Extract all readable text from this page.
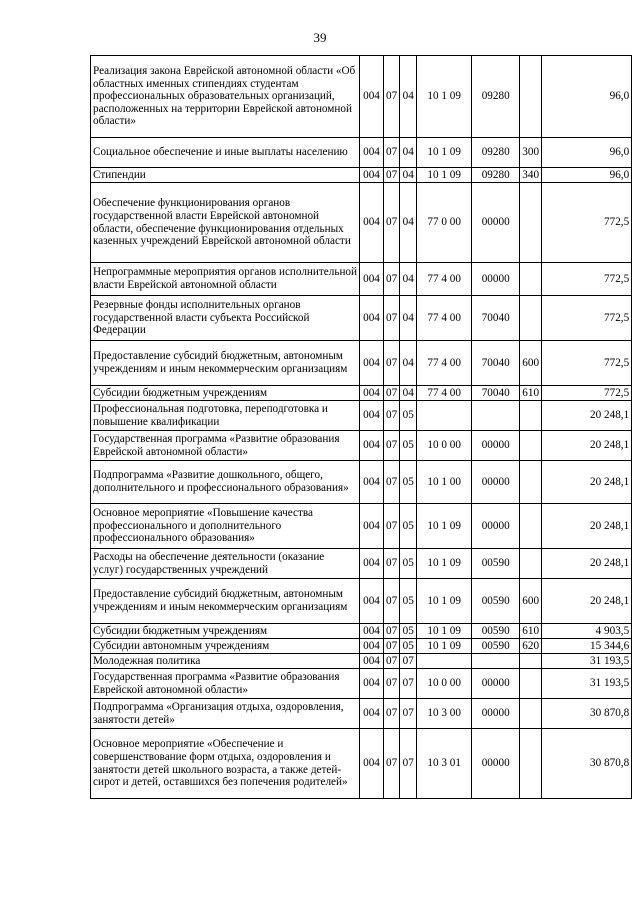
39
Реализация закона Еврейской автономной области «Об областных именных стипендиях студентам профессиональных образовательных организаций, расположенных на территории Еврейской автономной области»	004	07	04	10 1 09	09280		96,0
Социальное обеспечение и иные выплаты населению	004	07	04	10 1 09	09280	300	96,0
Стипендии	004	07	04	10 1 09	09280	340	96,0
Обеспечение функционирования органов государственной власти Еврейской автономной области, обеспечение функционирования отдельных казенных учреждений Еврейской автономной области	004	07	04	77 0 00	00000		772,5
Непрограммные мероприятия органов исполнительной власти Еврейской автономной области	004	07	04	77 4 00	00000		772,5
Резервные фонды исполнительных органов государственной власти субъекта Российской Федерации	004	07	04	77 4 00	70040		772,5
Предоставление субсидий бюджетным, автономным учреждениям и иным некоммерческим организациям	004	07	04	77 4 00	70040	600	772,5
Субсидии бюджетным учреждениям	004	07	04	77 4 00	70040	610	772,5
Профессиональная подготовка, переподготовка и повышение квалификации	004	07	05				20 248,1
Государственная программа «Развитие образования Еврейской автономной области»	004	07	05	10 0 00	00000		20 248,1
Подпрограмма «Развитие дошкольного, общего, дополнительного и профессионального образования»	004	07	05	10 1 00	00000		20 248,1
Основное мероприятие «Повышение качества профессионального и дополнительного профессионального образования»	004	07	05	10 1 09	00000		20 248,1
Расходы на обеспечение деятельности (оказание услуг) государственных учреждений	004	07	05	10 1 09	00590		20 248,1
Предоставление субсидий бюджетным, автономным учреждениям и иным некоммерческим организациям	004	07	05	10 1 09	00590	600	20 248,1
Субсидии бюджетным учреждениям	004	07	05	10 1 09	00590	610	4 903,5
Субсидии автономным учреждениям	004	07	05	10 1 09	00590	620	15 344,6
Молодежная политика	004	07	07				31 193,5
Государственная программа «Развитие образования Еврейской автономной области»	004	07	07	10 0 00	00000		31 193,5
Подпрограмма «Организация отдыха, оздоровления, занятости детей»	004	07	07	10 3 00	00000		30 870,8
Основное мероприятие «Обеспечение и совершенствование форм отдыха, оздоровления и занятости детей школьного возраста, а также детей-сирот и детей, оставшихся без попечения родителей»	004	07	07	10 3 01	00000		30 870,8
